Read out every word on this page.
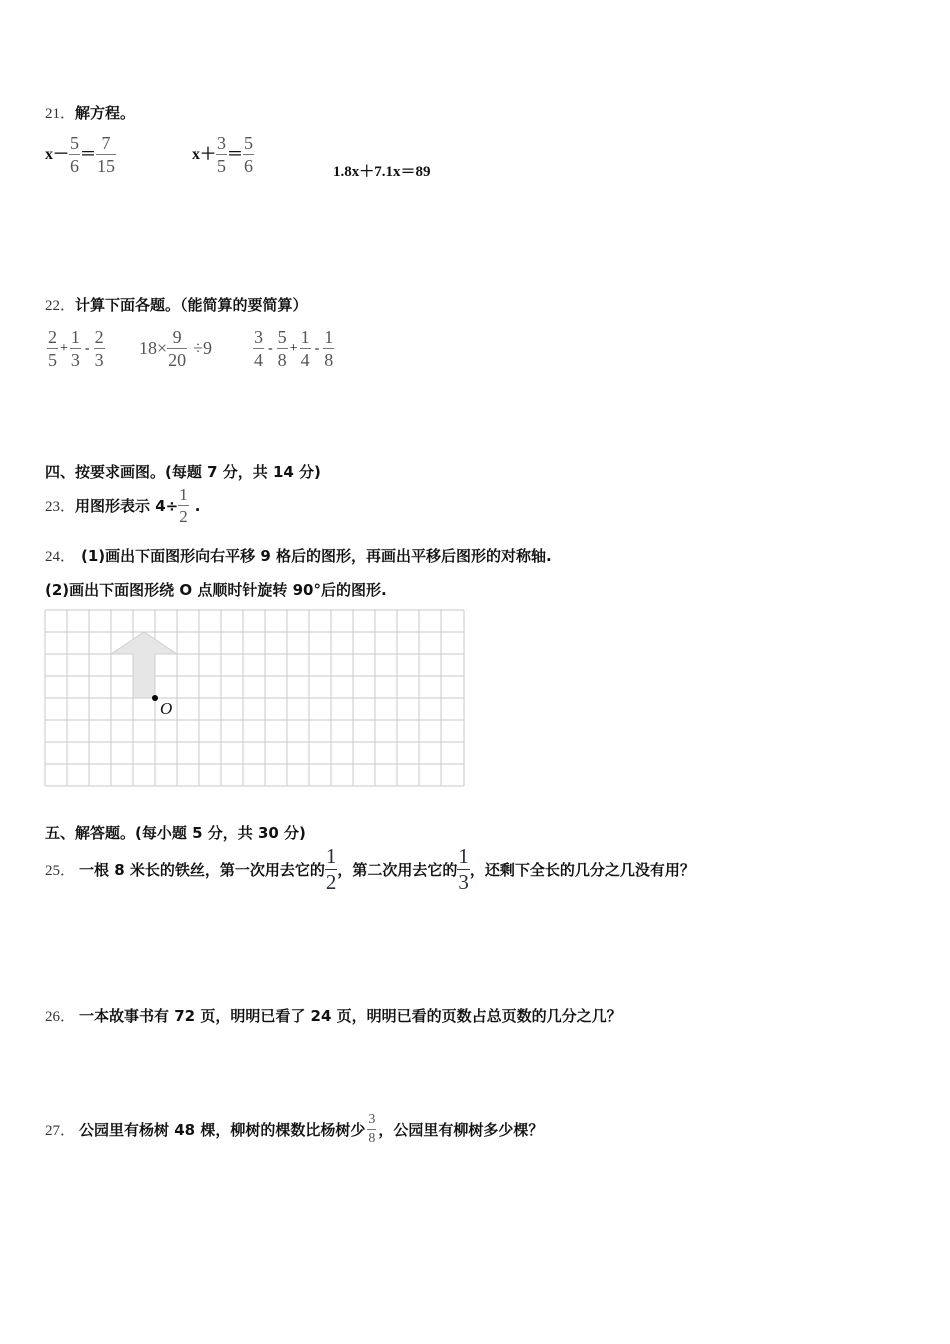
21．解方程。
$x- \frac{5}{6} = \frac{7}{15}$	$x+ \frac{3}{5} = \frac{5}{6}$	1.8x＋7.1x＝89
22．计算下面各题。（能简算的要简算）
$\frac{2}{5} + \frac{1}{3} - \frac{2}{3} 18\times \frac{9}{20} \div 9 \frac{3}{4} - \frac{5}{8} + \frac{1}{4} - \frac{1}{8}$
四、按要求画图。(每题 7 分，共 14 分)
23．用图形表示 $4\div \frac{1}{2}$ .
24． (1)画出下面图形向右平移 9 格后的图形，再画出平移后图形的对称轴.
(2)画出下面图形绕 O 点顺时针旋转 90°后的图形.
O
五、解答题。(每小题 5 分，共 30 分)
25． 一根 8 米长的铁丝，第一次用去它的 $\frac{1}{2}$ ，第二次用去它的 $\frac{1}{3}$ ，还剩下全长的几分之几没有用？
26． 一本故事书有 72 页，明明已看了 24 页，明明已看的页数占总页数的几分之几？
27． 公园里有杨树 48 棵，柳树的棵数比杨树少 $\frac{3}{8}$ ，公园里有柳树多少棵？
